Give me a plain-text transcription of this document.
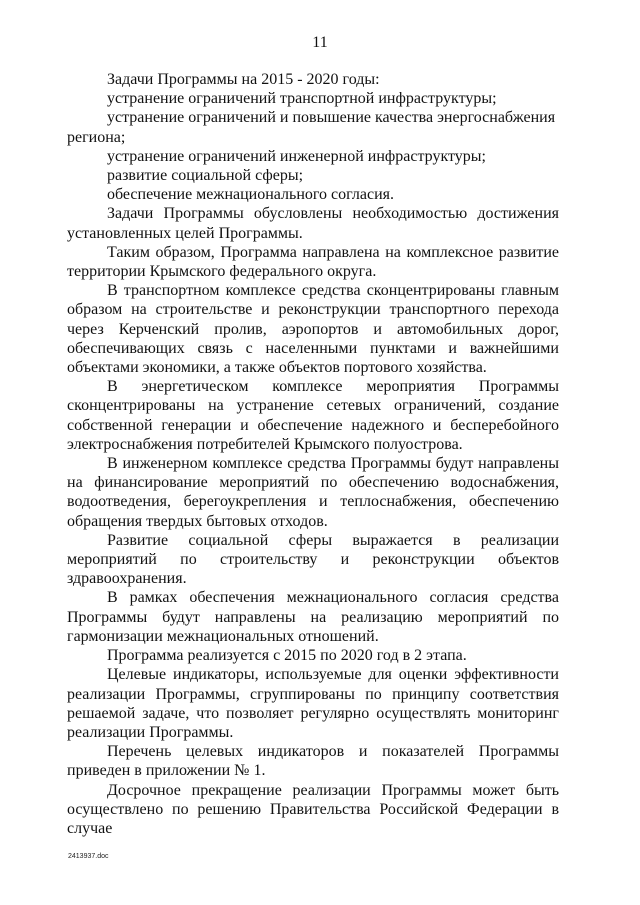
11

Задачи Программы на 2015 - 2020 годы:

устранение ограничений транспортной инфраструктуры;

устранение ограничений и повышение качества энергоснабжения региона;

устранение ограничений инженерной инфраструктуры;

развитие социальной сферы;

обеспечение межнационального согласия.

Задачи Программы обусловлены необходимостью достижения установленных целей Программы.

Таким образом, Программа направлена на комплексное развитие территории Крымского федерального округа.

В транспортном комплексе средства сконцентрированы главным образом на строительстве и реконструкции транспортного перехода через Керченский пролив, аэропортов и автомобильных дорог, обеспечивающих связь с населенными пунктами и важнейшими объектами экономики, а также объектов портового хозяйства.

В энергетическом комплексе мероприятия Программы сконцентрированы на устранение сетевых ограничений, создание собственной генерации и обеспечение надежного и бесперебойного электроснабжения потребителей Крымского полуострова.

В инженерном комплексе средства Программы будут направлены на финансирование мероприятий по обеспечению водоснабжения, водоотведения, берегоукрепления и теплоснабжения, обеспечению обращения твердых бытовых отходов.

Развитие социальной сферы выражается в реализации мероприятий по строительству и реконструкции объектов здравоохранения.

В рамках обеспечения межнационального согласия средства Программы будут направлены на реализацию мероприятий по гармонизации межнациональных отношений.

Программа реализуется с 2015 по 2020 год в 2 этапа.

Целевые индикаторы, используемые для оценки эффективности реализации Программы, сгруппированы по принципу соответствия решаемой задаче, что позволяет регулярно осуществлять мониторинг реализации Программы.

Перечень целевых индикаторов и показателей Программы приведен в приложении № 1.

Досрочное прекращение реализации Программы может быть осуществлено по решению Правительства Российской Федерации в случае

2413937.doc
